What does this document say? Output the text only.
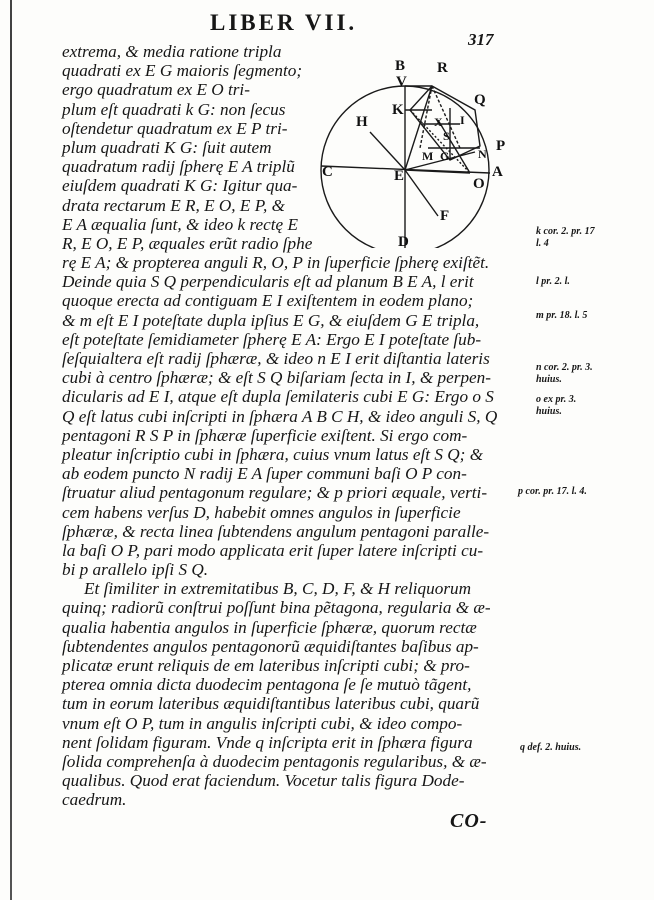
LIBER VII.
317
B R
V
Q
K
H	X I
S
P
M G N
C	E	A
O
F
D
extrema, & media ratione tripla
quadrati ex E G maioris ſegmento;
ergo quadratum ex E O tri-
plum eſt quadrati k G: non ſecus
oſtendetur quadratum ex E P tri-
plum quadrati K G: ſuit autem
quadratum radij ſpherę E A triplũ
eiuſdem quadrati K G: Igitur qua-
drata rectarum E R, E O, E P, &
E A æqualia ſunt, & ideo k rectę E
R, E O, E P, æquales erũt radio ſphe
rę E A; & propterea anguli R, O, P in ſuperficie ſpherę exiſtẽt.
Deinde quia S Q perpendicularis eſt ad planum B E A, l erit
quoque erecta ad contiguam E I exiſtentem in eodem plano;
& m eſt E I poteſtate dupla ipſius E G, & eiuſdem G E tripla,
eſt poteſtate ſemidiameter ſpherę E A: Ergo E I poteſtate ſub-
ſeſquialtera eſt radij ſphæræ, & ideo n E I erit diſtantia lateris
cubi à centro ſphæræ; & eſt S Q biſariam ſecta in I, & perpen-
dicularis ad E I, atque eſt dupla ſemilateris cubi E G: Ergo o S
Q eſt latus cubi inſcripti in ſphæra A B C H, & ideo anguli S, Q
pentagoni R S P in ſphæræ ſuperficie exiſtent. Si ergo com-
pleatur inſcriptio cubi in ſphæra, cuius vnum latus eſt S Q; &
ab eodem puncto N radij E A ſuper communi baſi O P con-
ſtruatur aliud pentagonum regulare; & p priori æquale, verti-
cem habens verſus D, habebit omnes angulos in ſuperficie
ſphæræ, & recta linea ſubtendens angulum pentagoni paralle-
la baſi O P, pari modo applicata erit ſuper latere inſcripti cu-
bi p arallelo ipſi S Q.
Et ſimiliter in extremitatibus B, C, D, F, & H reliquorum
quinq; radiorũ conſtrui poſſunt bina pẽtagona, regularia & æ-
qualia habentia angulos in ſuperficie ſphæræ, quorum rectæ
ſubtendentes angulos pentagonorũ æquidiſtantes baſibus ap-
plicatæ erunt reliquis de em lateribus inſcripti cubi; & pro-
pterea omnia dicta duodecim pentagona ſe ſe mutuò tãgent,
tum in eorum lateribus æquidiſtantibus lateribus cubi, quarũ
vnum eſt O P, tum in angulis inſcripti cubi, & ideo compo-
nent ſolidam figuram. Vnde q inſcripta erit in ſphæra figura
ſolida comprehenſa à duodecim pentagonis regularibus, & æ-
qualibus. Quod erat faciendum. Vocetur talis figura Dode-
caedrum.
k cor. 2. pr. 17 l. 4
l pr. 2. l.
m pr. 18. l. 5
n cor. 2. pr. 3. huius.
o ex pr. 3. huius.
p cor. pr. 17. l. 4.
q def. 2. huius.
CO-
